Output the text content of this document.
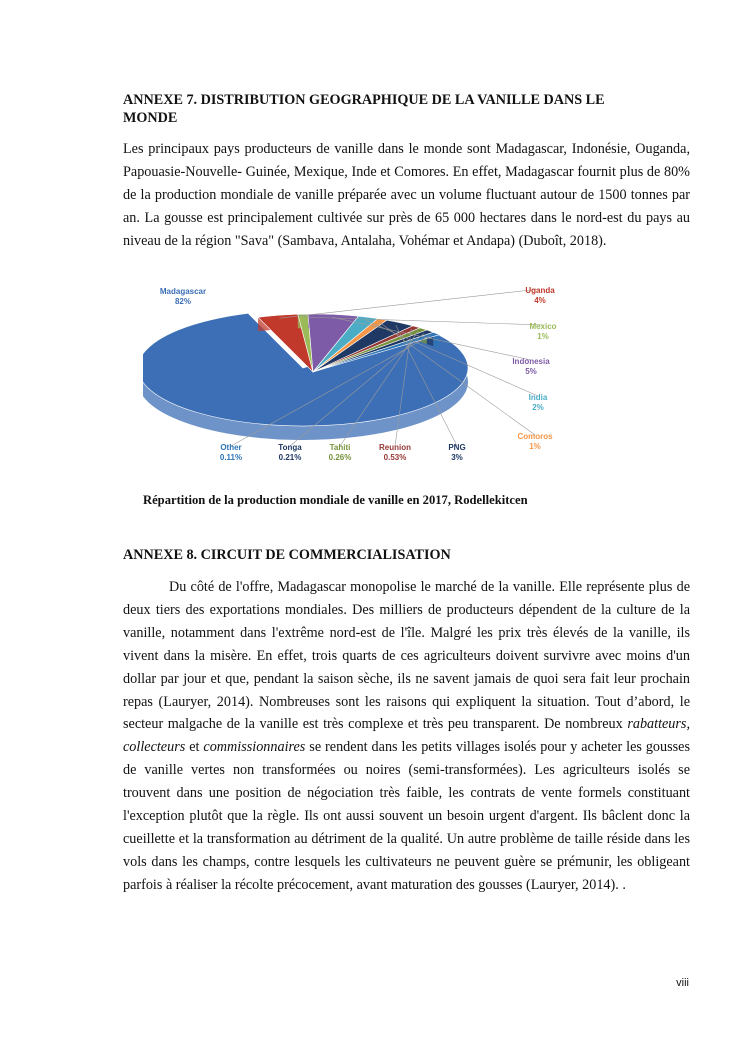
ANNEXE 7. DISTRIBUTION GEOGRAPHIQUE DE LA VANILLE DANS LE MONDE

Les principaux pays producteurs de vanille dans le monde sont Madagascar, Indonésie, Ouganda, Papouasie-Nouvelle- Guinée, Mexique, Inde et Comores. En effet, Madagascar fournit plus de 80% de la production mondiale de vanille préparée avec un volume fluctuant autour de 1500 tonnes par an. La gousse est principalement cultivée sur près de 65 000 hectares dans le nord-est du pays au niveau de la région "Sava" (Sambava, Antalaha, Vohémar et Andapa) (Duboît, 2018).

Madagascar
82%
Uganda
4%
Mexico
1%
Indonesia
5%
India
2%
Comoros
1%
PNG
3%
Reunion
0.53%
Tahiti
0.26%
Tonga
0.21%
Other
0.11%

Répartition de la production mondiale de vanille en 2017, Rodellekitcen

ANNEXE 8. CIRCUIT DE COMMERCIALISATION

Du côté de l'offre, Madagascar monopolise le marché de la vanille. Elle représente plus de deux tiers des exportations mondiales. Des milliers de producteurs dépendent de la culture de la vanille, notamment dans l'extrême nord-est de l'île. Malgré les prix très élevés de la vanille, ils vivent dans la misère. En effet, trois quarts de ces agriculteurs doivent survivre avec moins d'un dollar par jour et que, pendant la saison sèche, ils ne savent jamais de quoi sera fait leur prochain repas (Lauryer, 2014). Nombreuses sont les raisons qui expliquent la situation. Tout d’abord, le secteur malgache de la vanille est très complexe et très peu transparent. De nombreux rabatteurs, collecteurs et commissionnaires se rendent dans les petits villages isolés pour y acheter les gousses de vanille vertes non transformées ou noires (semi-transformées). Les agriculteurs isolés se trouvent dans une position de négociation très faible, les contrats de vente formels constituant l'exception plutôt que la règle. Ils ont aussi souvent un besoin urgent d'argent. Ils bâclent donc la cueillette et la transformation au détriment de la qualité. Un autre problème de taille réside dans les vols dans les champs, contre lesquels les cultivateurs ne peuvent guère se prémunir, les obligeant parfois à réaliser la récolte précocement, avant maturation des gousses (Lauryer, 2014). .

viii
